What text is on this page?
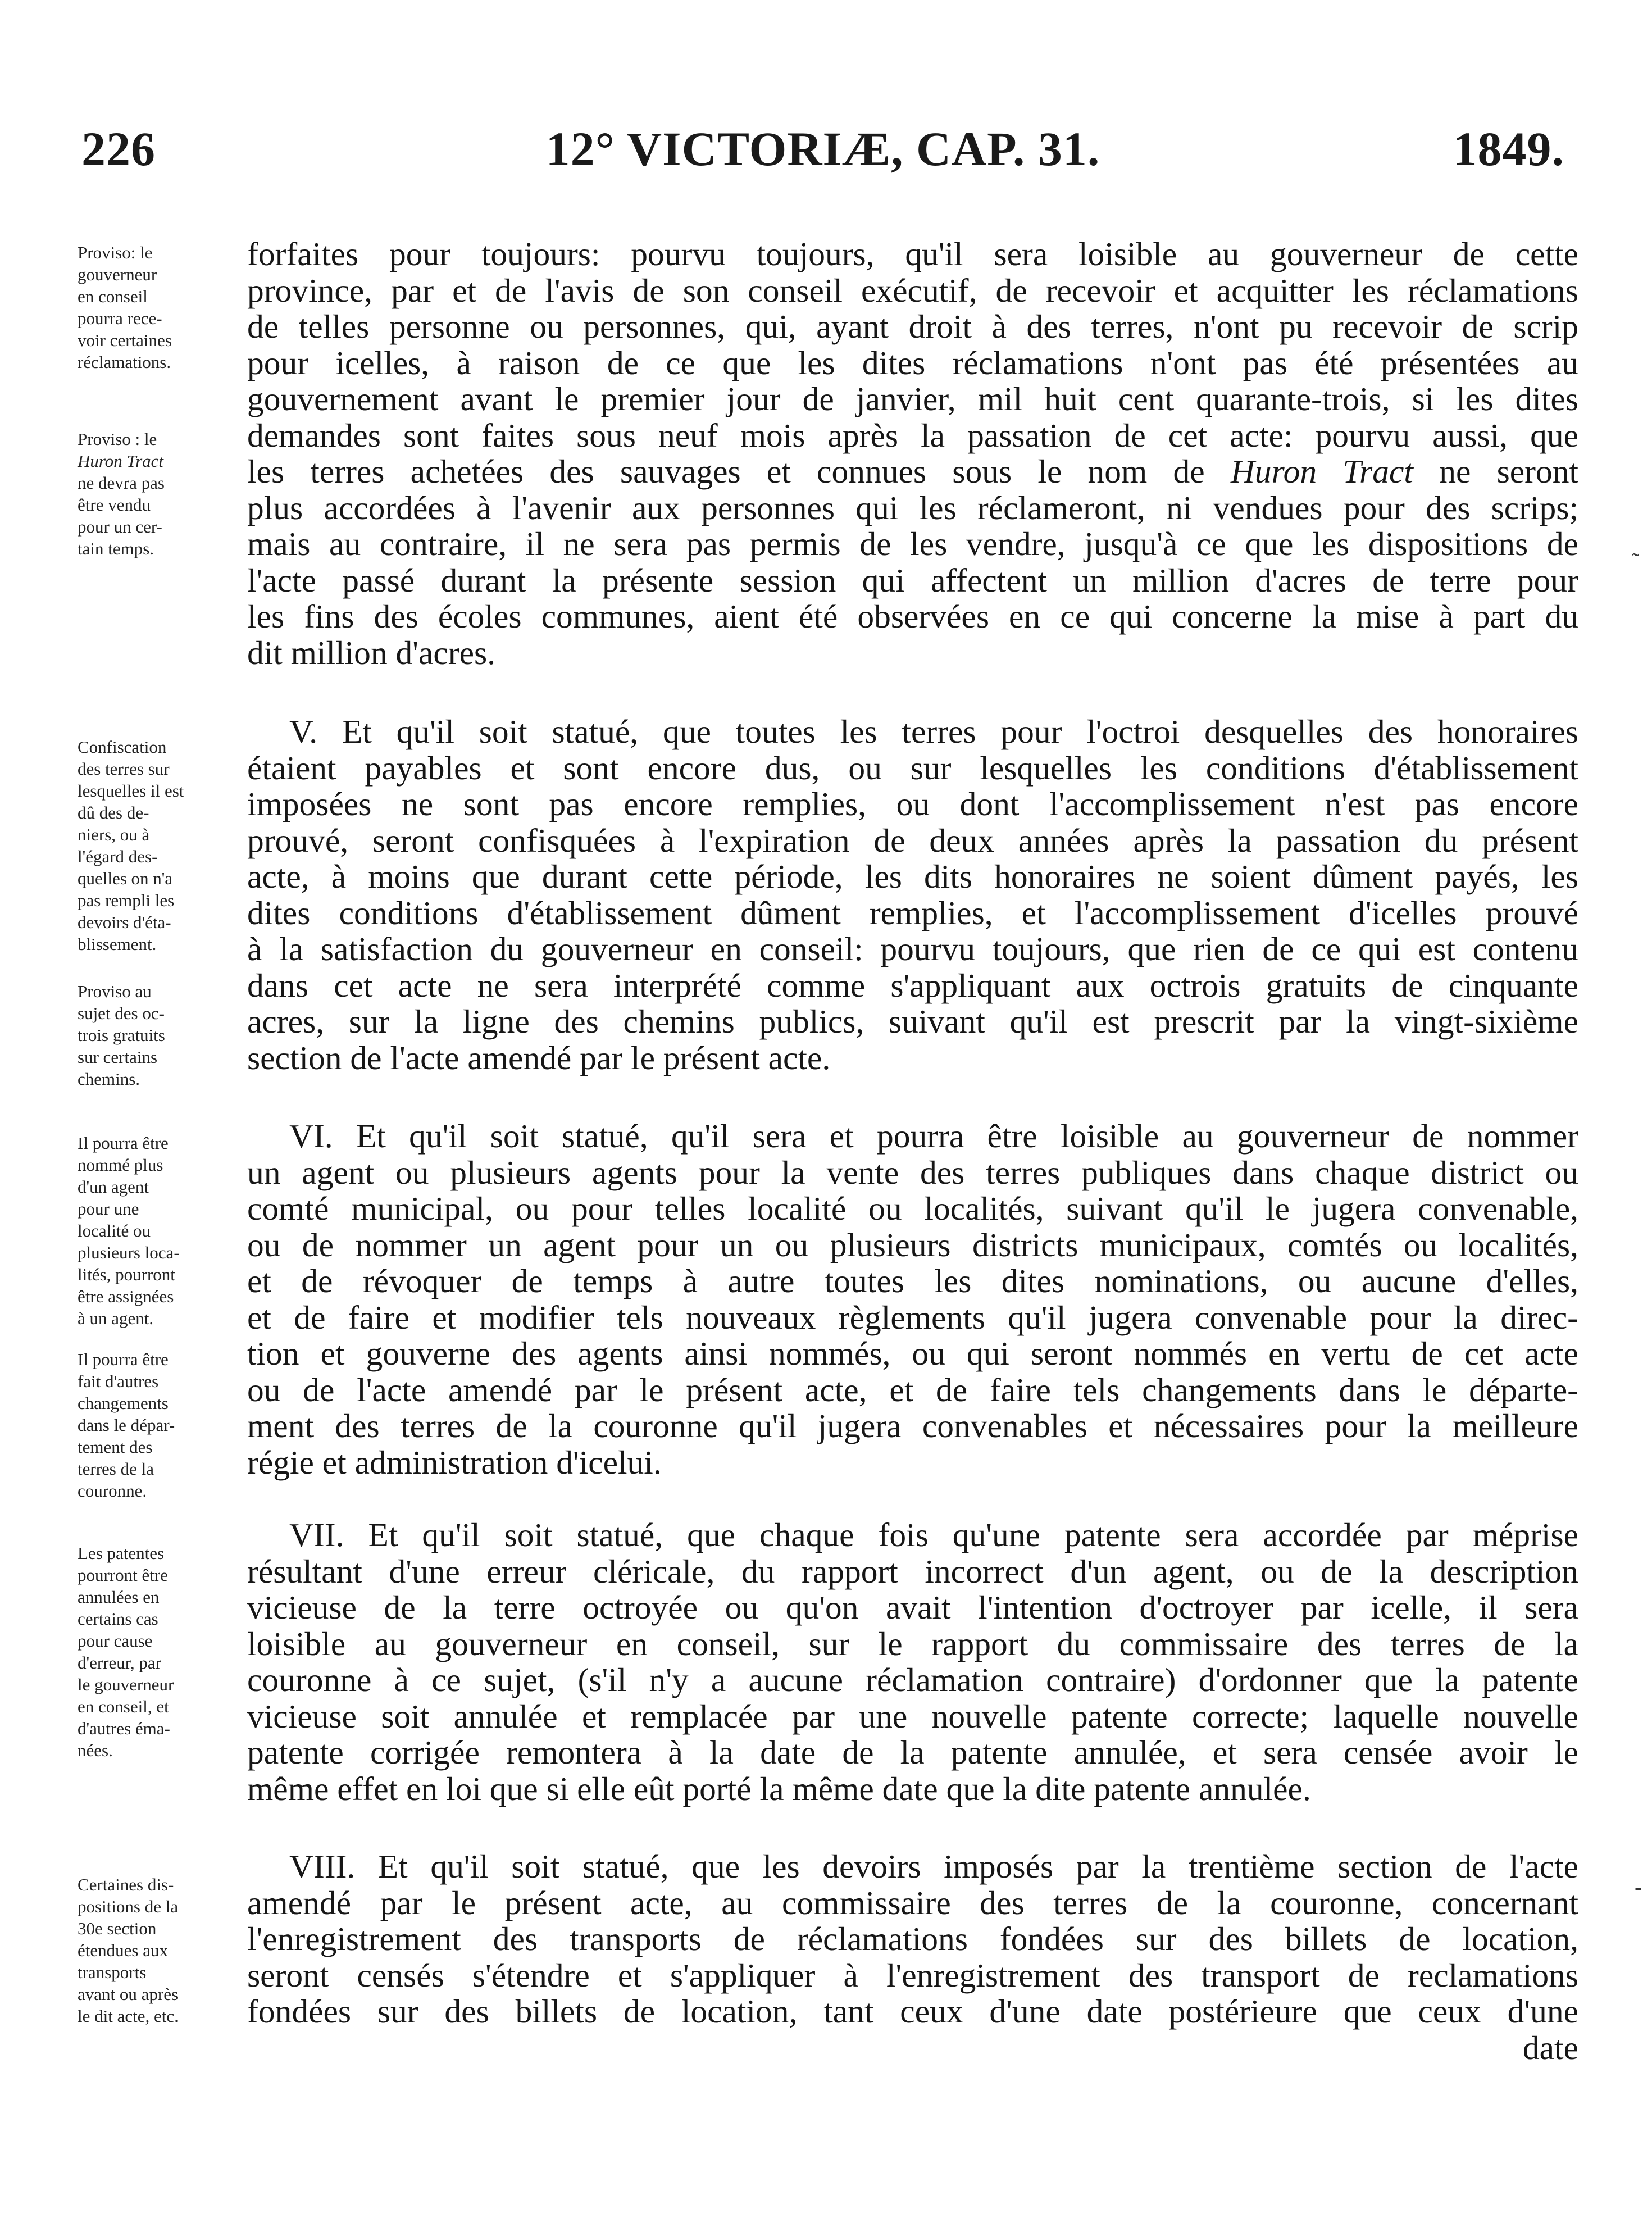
226	12° VICTORIÆ, CAP. 31.	1849.
Proviso: le
gouverneur
en conseil
pourra rece-
voir certaines
réclamations.
Proviso : le
Huron Tract
ne devra pas
être vendu
pour un cer-
tain temps.
Confiscation
des terres sur
lesquelles il est
dû des de-
niers, ou à
l'égard des-
quelles on n'a
pas rempli les
devoirs d'éta-
blissement.
Proviso au
sujet des oc-
trois gratuits
sur certains
chemins.
Il pourra être
nommé plus
d'un agent
pour une
localité ou
plusieurs loca-
lités, pourront
être assignées
à un agent.
Il pourra être
fait d'autres
changements
dans le dépar-
tement des
terres de la
couronne.
Les patentes
pourront être
annulées en
certains cas
pour cause
d'erreur, par
le gouverneur
en conseil, et
d'autres éma-
nées.
Certaines dis-
positions de la
30e section
étendues aux
transports
avant ou après
le dit acte, etc.
forfaites pour toujours: pourvu toujours, qu'il sera loisible au gouverneur de cette
province, par et de l'avis de son conseil exécutif, de recevoir et acquitter les réclamations
de telles personne ou personnes, qui, ayant droit à des terres, n'ont pu recevoir de scrip
pour icelles, à raison de ce que les dites réclamations n'ont pas été présentées au
gouvernement avant le premier jour de janvier, mil huit cent quarante-trois, si les dites
demandes sont faites sous neuf mois après la passation de cet acte: pourvu aussi, que
les terres achetées des sauvages et connues sous le nom de Huron Tract ne seront
plus accordées à l'avenir aux personnes qui les réclameront, ni vendues pour des scrips;
mais au contraire, il ne sera pas permis de les vendre, jusqu'à ce que les dispositions de
l'acte passé durant la présente session qui affectent un million d'acres de terre pour
les fins des écoles communes, aient été observées en ce qui concerne la mise à part du
dit million d'acres.
V. Et qu'il soit statué, que toutes les terres pour l'octroi desquelles des honoraires
étaient payables et sont encore dus, ou sur lesquelles les conditions d'établissement
imposées ne sont pas encore remplies, ou dont l'accomplissement n'est pas encore
prouvé, seront confisquées à l'expiration de deux années après la passation du présent
acte, à moins que durant cette période, les dits honoraires ne soient dûment payés, les
dites conditions d'établissement dûment remplies, et l'accomplissement d'icelles prouvé
à la satisfaction du gouverneur en conseil: pourvu toujours, que rien de ce qui est contenu
dans cet acte ne sera interprété comme s'appliquant aux octrois gratuits de cinquante
acres, sur la ligne des chemins publics, suivant qu'il est prescrit par la vingt-sixième
section de l'acte amendé par le présent acte.
VI. Et qu'il soit statué, qu'il sera et pourra être loisible au gouverneur de nommer
un agent ou plusieurs agents pour la vente des terres publiques dans chaque district ou
comté municipal, ou pour telles localité ou localités, suivant qu'il le jugera convenable,
ou de nommer un agent pour un ou plusieurs districts municipaux, comtés ou localités,
et de révoquer de temps à autre toutes les dites nominations, ou aucune d'elles,
et de faire et modifier tels nouveaux règlements qu'il jugera convenable pour la direc-
tion et gouverne des agents ainsi nommés, ou qui seront nommés en vertu de cet acte
ou de l'acte amendé par le présent acte, et de faire tels changements dans le départe-
ment des terres de la couronne qu'il jugera convenables et nécessaires pour la meilleure
régie et administration d'icelui.
VII. Et qu'il soit statué, que chaque fois qu'une patente sera accordée par méprise
résultant d'une erreur cléricale, du rapport incorrect d'un agent, ou de la description
vicieuse de la terre octroyée ou qu'on avait l'intention d'octroyer par icelle, il sera
loisible au gouverneur en conseil, sur le rapport du commissaire des terres de la
couronne à ce sujet, (s'il n'y a aucune réclamation contraire) d'ordonner que la patente
vicieuse soit annulée et remplacée par une nouvelle patente correcte; laquelle nouvelle
patente corrigée remontera à la date de la patente annulée, et sera censée avoir le
même effet en loi que si elle eût porté la même date que la dite patente annulée.
VIII. Et qu'il soit statué, que les devoirs imposés par la trentième section de l'acte
amendé par le présent acte, au commissaire des terres de la couronne, concernant
l'enregistrement des transports de réclamations fondées sur des billets de location,
seront censés s'étendre et s'appliquer à l'enregistrement des transport de reclamations
fondées sur des billets de location, tant ceux d'une date postérieure que ceux d'une
date
˜
‑
